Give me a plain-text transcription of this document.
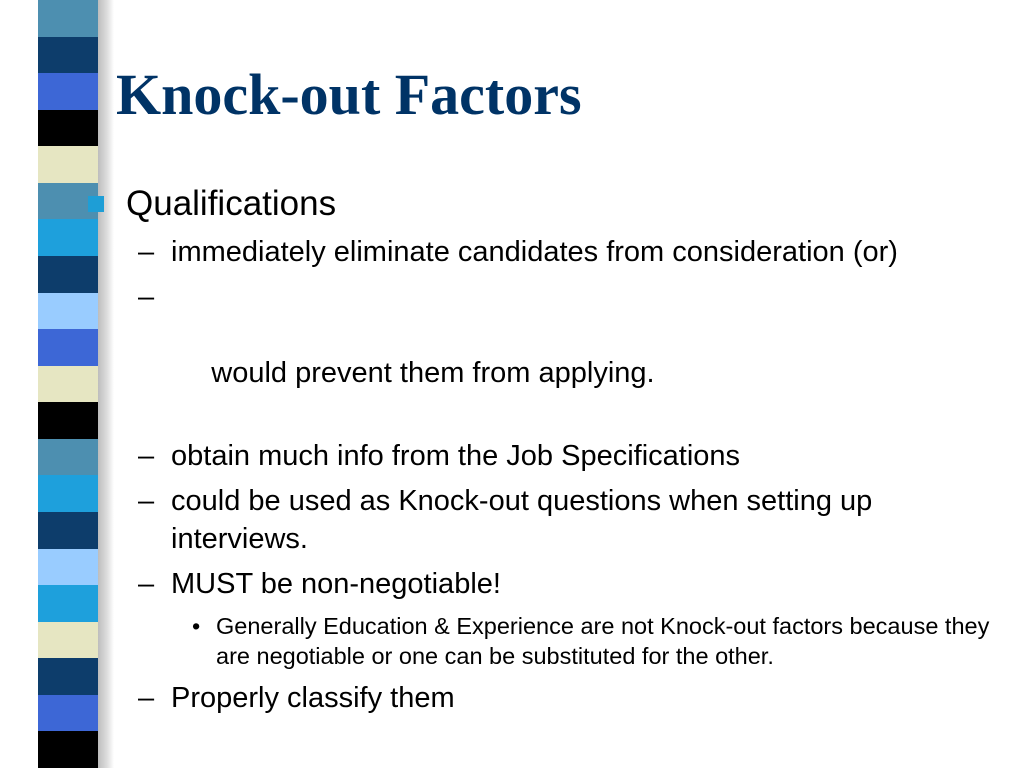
Knock-out Factors
Qualifications
– immediately eliminate candidates from consideration (or)

–

would prevent them from applying.

– obtain much info from the Job Specifications
– could be used as Knock-out questions when setting up interviews.
– MUST be non-negotiable!
• Generally Education & Experience are not Knock-out factors because they are negotiable or one can be substituted for the other.
– Properly classify them
